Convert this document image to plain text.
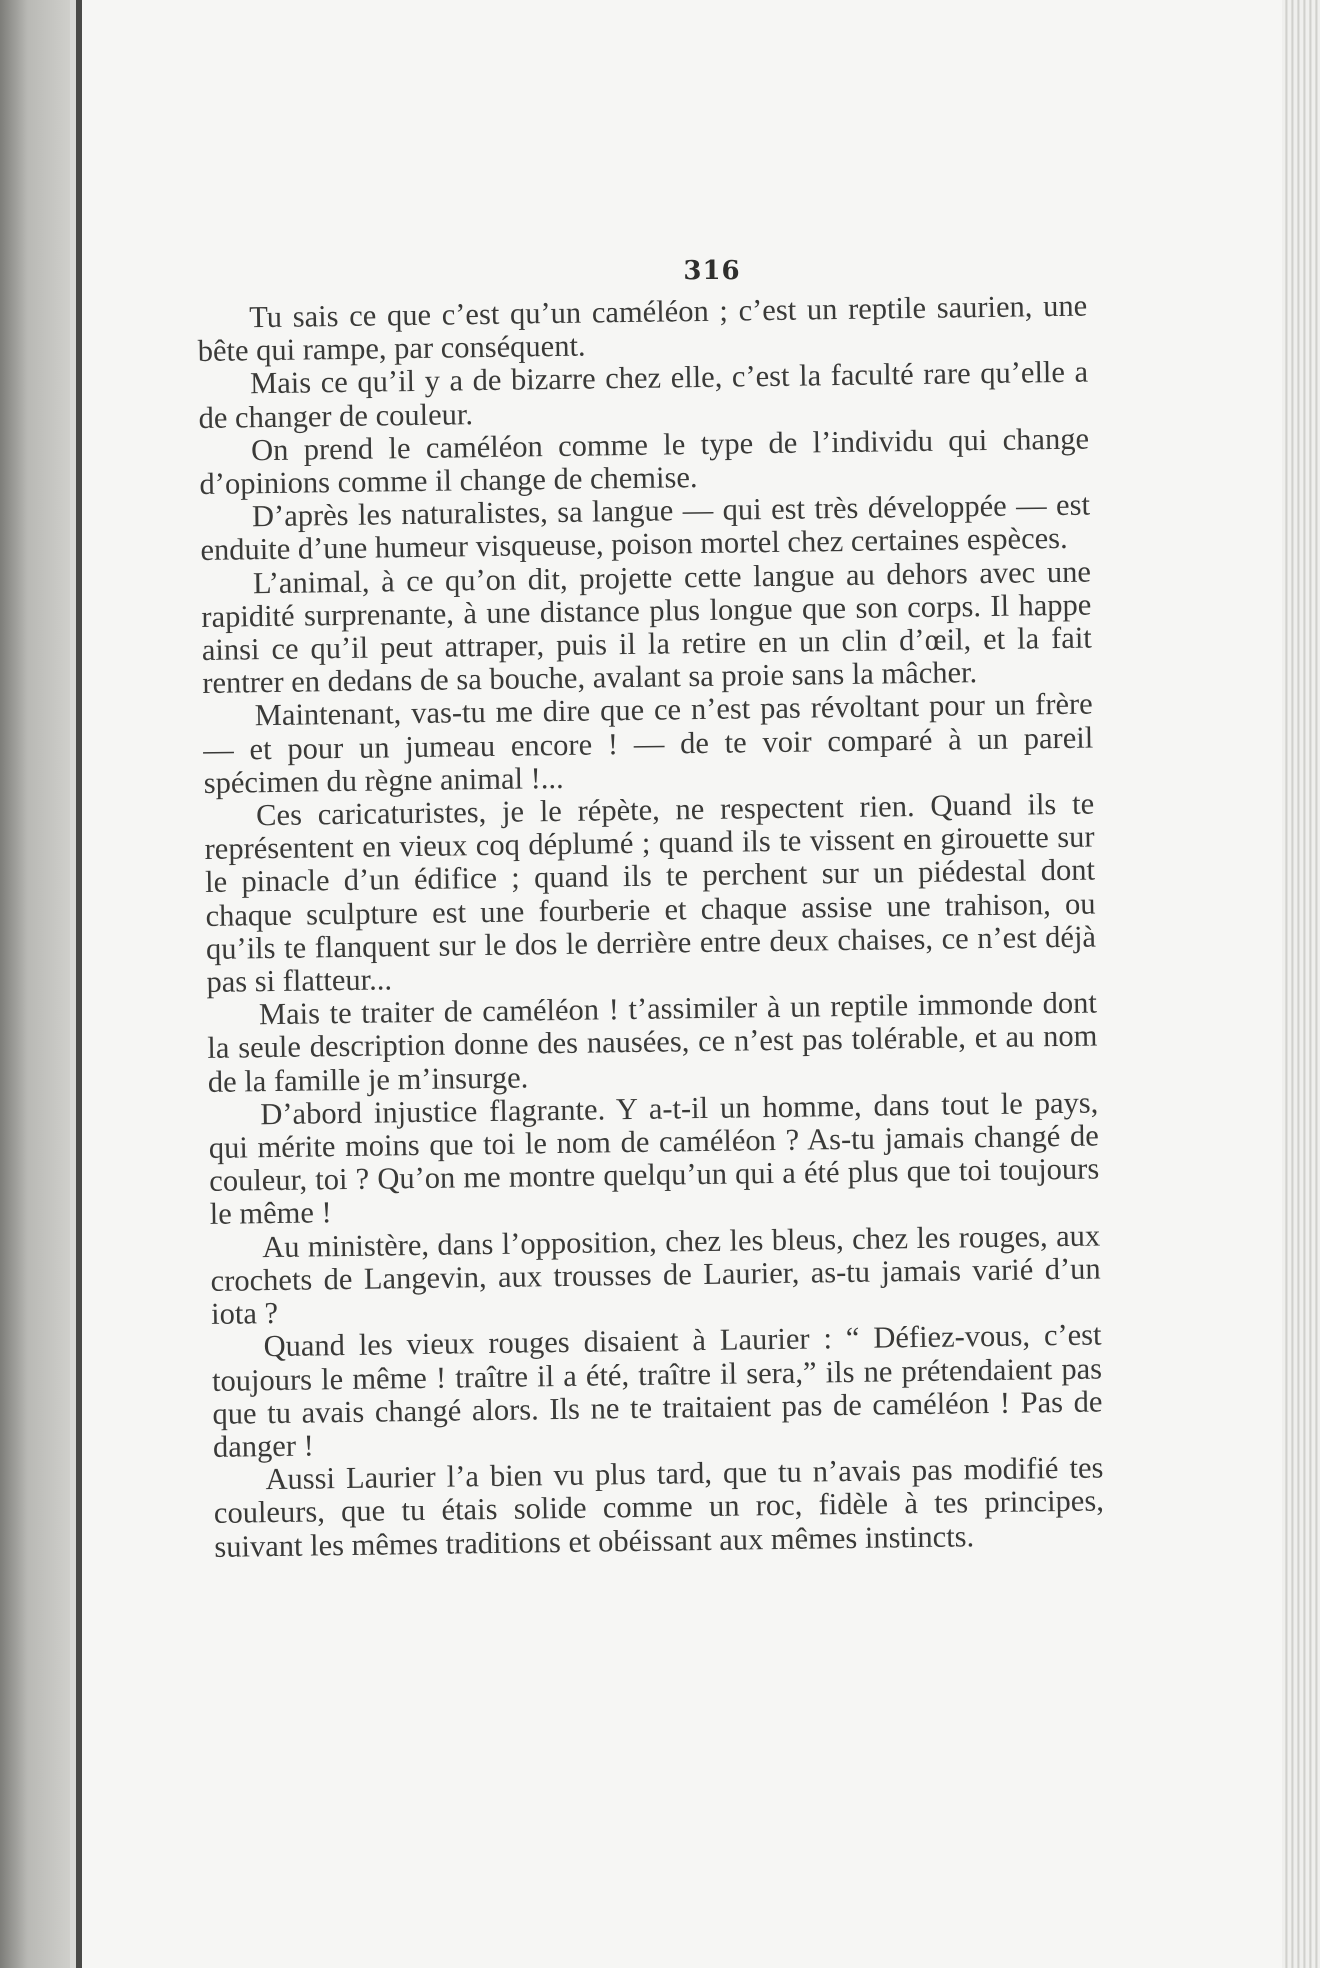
316

Tu sais ce que c’est qu’un caméléon ; c’est un reptile saurien, une bête qui rampe, par conséquent.

Mais ce qu’il y a de bizarre chez elle, c’est la faculté rare qu’elle a de changer de couleur.

On prend le caméléon comme le type de l’individu qui change d’opinions comme il change de chemise.

D’après les naturalistes, sa langue — qui est très développée — est enduite d’une humeur visqueuse, poison mortel chez certaines espèces.

L’animal, à ce qu’on dit, projette cette langue au dehors avec une rapidité surprenante, à une distance plus longue que son corps. Il happe ainsi ce qu’il peut attraper, puis il la retire en un clin d’œil, et la fait rentrer en dedans de sa bouche, avalant sa proie sans la mâcher.

Maintenant, vas-tu me dire que ce n’est pas révoltant pour un frère — et pour un jumeau encore ! — de te voir comparé à un pareil spécimen du règne animal !...

Ces caricaturistes, je le répète, ne respectent rien. Quand ils te représentent en vieux coq déplumé ; quand ils te vissent en girouette sur le pinacle d’un édifice ; quand ils te perchent sur un piédestal dont chaque sculpture est une fourberie et chaque assise une trahison, ou qu’ils te flanquent sur le dos le derrière entre deux chaises, ce n’est déjà pas si flatteur...

Mais te traiter de caméléon ! t’assimiler à un reptile immonde dont la seule description donne des nausées, ce n’est pas tolérable, et au nom de la famille je m’insurge.

D’abord injustice flagrante. Y a-t-il un homme, dans tout le pays, qui mérite moins que toi le nom de caméléon ? As-tu jamais changé de couleur, toi ? Qu’on me montre quelqu’un qui a été plus que toi toujours le même !

Au ministère, dans l’opposition, chez les bleus, chez les rouges, aux crochets de Langevin, aux trousses de Laurier, as-tu jamais varié d’un iota ?

Quand les vieux rouges disaient à Laurier : “ Défiez-vous, c’est toujours le même ! traître il a été, traître il sera,” ils ne prétendaient pas que tu avais changé alors. Ils ne te traitaient pas de caméléon ! Pas de danger !

Aussi Laurier l’a bien vu plus tard, que tu n’avais pas modifié tes couleurs, que tu étais solide comme un roc, fidèle à tes principes, suivant les mêmes traditions et obéissant aux mêmes instincts.
